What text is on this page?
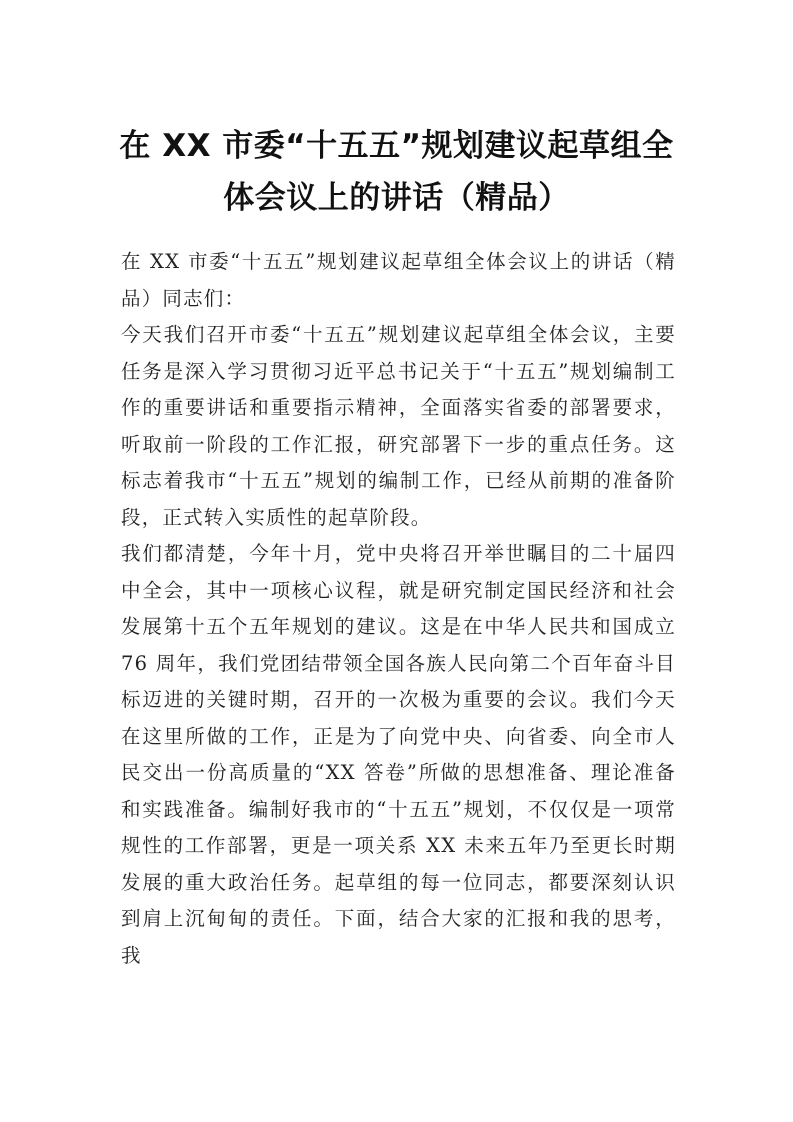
在 XX 市委“十五五”规划建议起草组全体会议上的讲话（精品）

在 XX 市委“十五五”规划建议起草组全体会议上的讲话（精品）同志们：

今天我们召开市委“十五五”规划建议起草组全体会议，主要任务是深入学习贯彻习近平总书记关于“十五五”规划编制工作的重要讲话和重要指示精神，全面落实省委的部署要求，听取前一阶段的工作汇报，研究部署下一步的重点任务。这标志着我市“十五五”规划的编制工作，已经从前期的准备阶段，正式转入实质性的起草阶段。

我们都清楚，今年十月，党中央将召开举世瞩目的二十届四中全会，其中一项核心议程，就是研究制定国民经济和社会发展第十五个五年规划的建议。这是在中华人民共和国成立 76 周年，我们党团结带领全国各族人民向第二个百年奋斗目标迈进的关键时期，召开的一次极为重要的会议。我们今天在这里所做的工作，正是为了向党中央、向省委、向全市人民交出一份高质量的“XX 答卷”所做的思想准备、理论准备和实践准备。编制好我市的“十五五”规划，不仅仅是一项常规性的工作部署，更是一项关系 XX 未来五年乃至更长时期发展的重大政治任务。起草组的每一位同志，都要深刻认识到肩上沉甸甸的责任。下面，结合大家的汇报和我的思考，我
